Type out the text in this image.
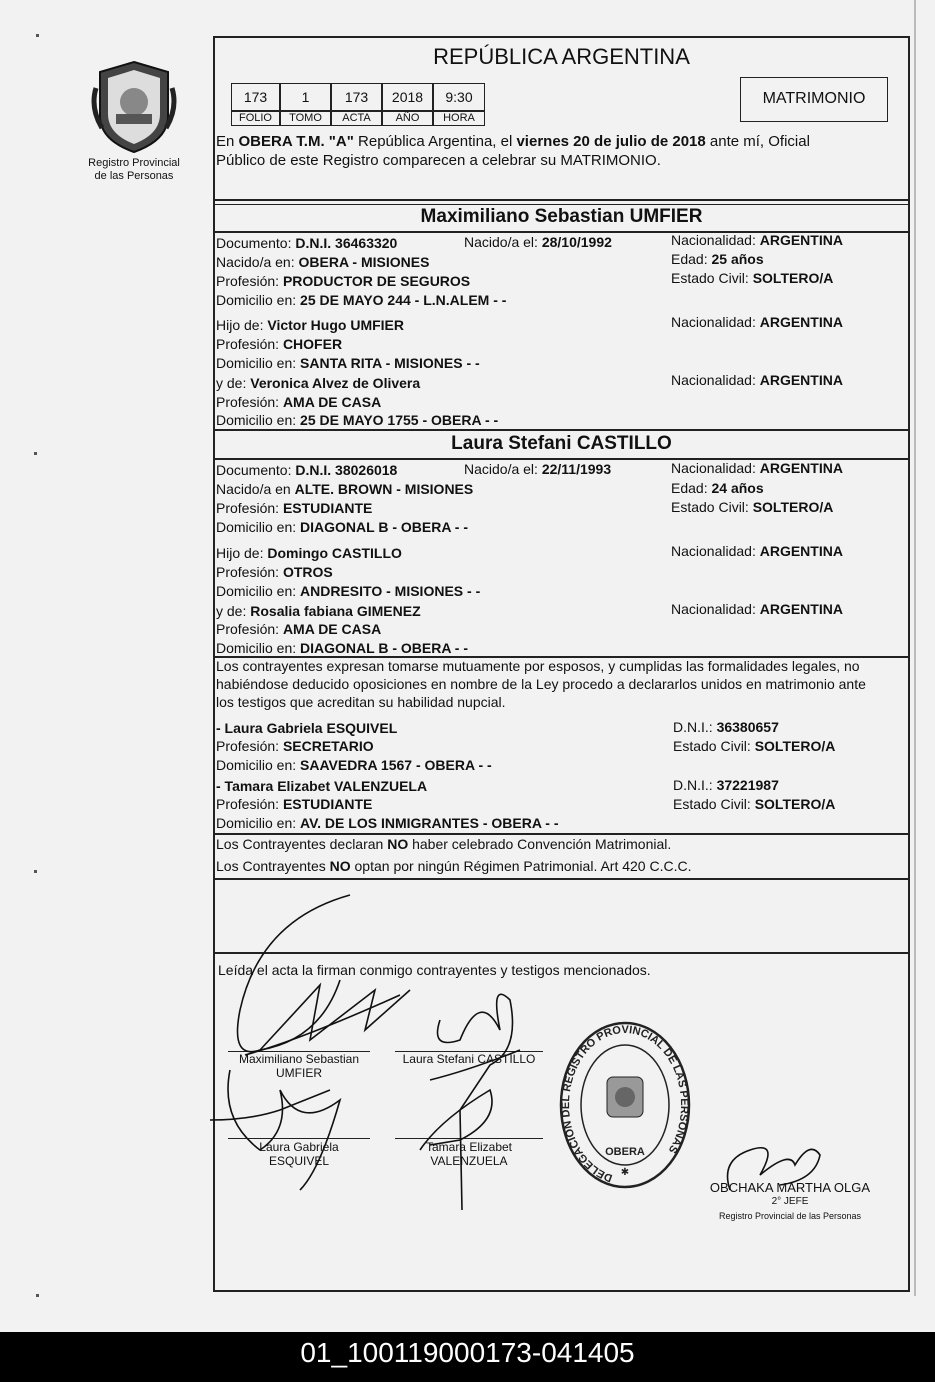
Registro Provincial
de las Personas
REPÚBLICA ARGENTINA
173	1	173	2018	9:30
FOLIO	TOMO	ACTA	AÑO	HORA
MATRIMONIO
En OBERA T.M. "A" República Argentina, el viernes 20 de julio de 2018 ante mí, Oficial
Público de este Registro comparecen a celebrar su MATRIMONIO.
Maximiliano Sebastian UMFIER
Documento: D.N.I. 36463320	Nacido/a el: 28/10/1992	Nacionalidad: ARGENTINA
Nacido/a en: OBERA - MISIONES	Edad: 25 años
Profesión: PRODUCTOR DE SEGUROS	Estado Civil: SOLTERO/A
Domicilio en: 25 DE MAYO 244 - L.N.ALEM - -
Hijo de: Victor Hugo UMFIER	Nacionalidad: ARGENTINA
Profesión: CHOFER
Domicilio en: SANTA RITA - MISIONES - -
y de: Veronica Alvez de Olivera	Nacionalidad: ARGENTINA
Profesión: AMA DE CASA
Domicilio en: 25 DE MAYO 1755 - OBERA - -
Laura Stefani CASTILLO
Documento: D.N.I. 38026018	Nacido/a el: 22/11/1993	Nacionalidad: ARGENTINA
Nacido/a en ALTE. BROWN - MISIONES	Edad: 24 años
Profesión: ESTUDIANTE	Estado Civil: SOLTERO/A
Domicilio en: DIAGONAL B - OBERA - -
Hijo de: Domingo CASTILLO	Nacionalidad: ARGENTINA
Profesión: OTROS
Domicilio en: ANDRESITO - MISIONES - -
y de: Rosalia fabiana GIMENEZ	Nacionalidad: ARGENTINA
Profesión: AMA DE CASA
Domicilio en: DIAGONAL B - OBERA - -
Los contrayentes expresan tomarse mutuamente por esposos, y cumplidas las formalidades legales, no
habiéndose deducido oposiciones en nombre de la Ley procedo a declararlos unidos en matrimonio ante
los testigos que acreditan su habilidad nupcial.
- Laura Gabriela ESQUIVEL	D.N.I.: 36380657
Profesión: SECRETARIO	Estado Civil: SOLTERO/A
Domicilio en: SAAVEDRA 1567 - OBERA - -
- Tamara Elizabet VALENZUELA	D.N.I.: 37221987
Profesión: ESTUDIANTE	Estado Civil: SOLTERO/A
Domicilio en: AV. DE LOS INMIGRANTES - OBERA - -
Los Contrayentes declaran NO haber celebrado Convención Matrimonial.
Los Contrayentes NO optan por ningún Régimen Patrimonial. Art 420 C.C.C.
Leída el acta la firman conmigo contrayentes y testigos mencionados.
Maximiliano Sebastian
UMFIER
Laura Stefani CASTILLO
Laura Gabriela ESQUIVEL
Tamara Elizabet
VALENZUELA
DELEGACION DEL REGISTRO PROVINCIAL DE LAS PERSONAS
OBERA
✱
OBCHAKA MARTHA OLGA
2° JEFE
Registro Provincial de las Personas
01_100119000173-041405
